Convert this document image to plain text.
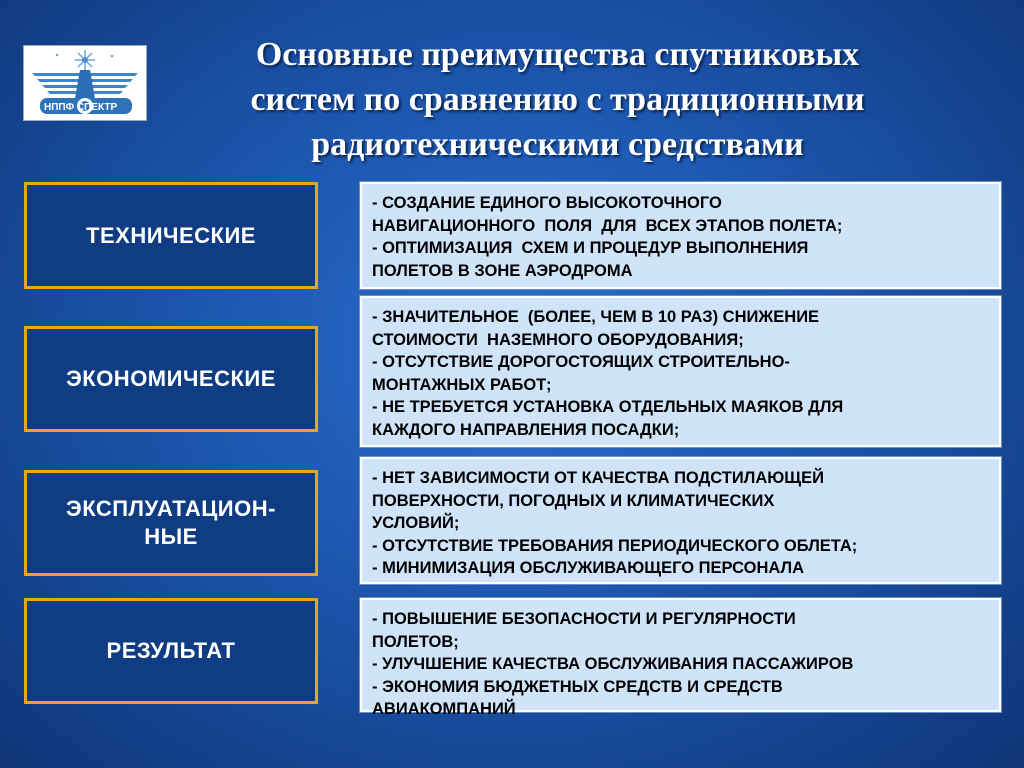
НППФ СПЕКТР
Основные преимущества спутниковых
систем по сравнению с традиционными
радиотехническими средствами
ТЕХНИЧЕСКИЕ
- СОЗДАНИЕ ЕДИНОГО ВЫСОКОТОЧНОГО
НАВИГАЦИОННОГО  ПОЛЯ  ДЛЯ  ВСЕХ ЭТАПОВ ПОЛЕТА;
- ОПТИМИЗАЦИЯ  СХЕМ И ПРОЦЕДУР ВЫПОЛНЕНИЯ
ПОЛЕТОВ В ЗОНЕ АЭРОДРОМА
ЭКОНОМИЧЕСКИЕ
- ЗНАЧИТЕЛЬНОЕ  (БОЛЕЕ, ЧЕМ В 10 РАЗ) СНИЖЕНИЕ
СТОИМОСТИ  НАЗЕМНОГО ОБОРУДОВАНИЯ;
- ОТСУТСТВИЕ ДОРОГОСТОЯЩИХ СТРОИТЕЛЬНО-
МОНТАЖНЫХ РАБОТ;
- НЕ ТРЕБУЕТСЯ УСТАНОВКА ОТДЕЛЬНЫХ МАЯКОВ ДЛЯ
КАЖДОГО НАПРАВЛЕНИЯ ПОСАДКИ;
ЭКСПЛУАТАЦИОН-
НЫЕ
- НЕТ ЗАВИСИМОСТИ ОТ КАЧЕСТВА ПОДСТИЛАЮЩЕЙ
ПОВЕРХНОСТИ, ПОГОДНЫХ И КЛИМАТИЧЕСКИХ
УСЛОВИЙ;
- ОТСУТСТВИЕ ТРЕБОВАНИЯ ПЕРИОДИЧЕСКОГО ОБЛЕТА;
- МИНИМИЗАЦИЯ ОБСЛУЖИВАЮЩЕГО ПЕРСОНАЛА
РЕЗУЛЬТАТ
- ПОВЫШЕНИЕ БЕЗОПАСНОСТИ И РЕГУЛЯРНОСТИ
ПОЛЕТОВ;
- УЛУЧШЕНИЕ КАЧЕСТВА ОБСЛУЖИВАНИЯ ПАССАЖИРОВ
- ЭКОНОМИЯ БЮДЖЕТНЫХ СРЕДСТВ И СРЕДСТВ
АВИАКОМПАНИЙ
